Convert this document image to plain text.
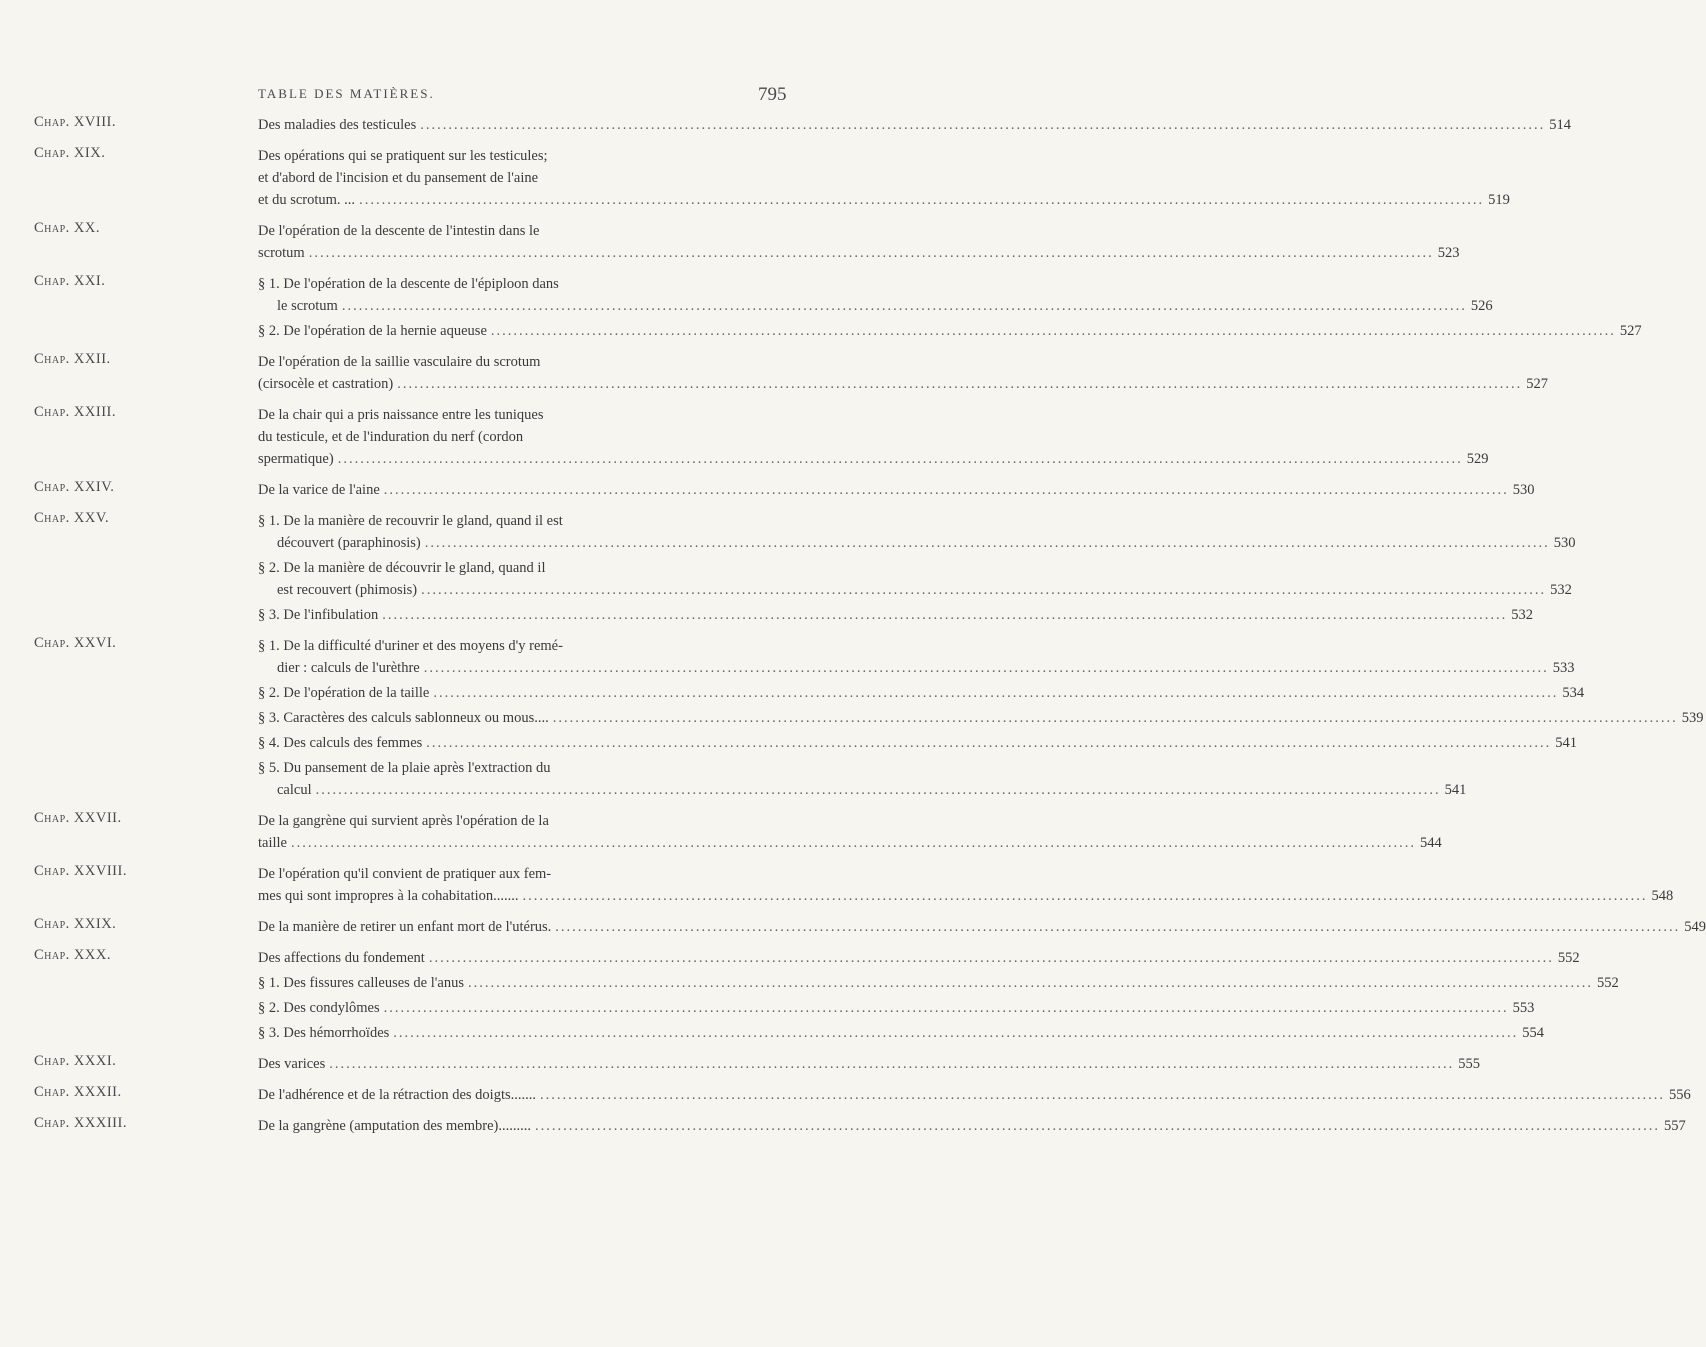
TABLE DES MATIÈRES.	795
Chap. XVIII.	Des maladies des testicules ........................................................................................................................................................................................................ 514
Chap. XIX.	Des opérations qui se pratiquent sur les testicules;
et d'abord de l'incision et du pansement de l'aine
et du scrotum. ... ........................................................................................................................................................................................................ 519
Chap. XX.	De l'opération de la descente de l'intestin dans le
scrotum ........................................................................................................................................................................................................ 523
Chap. XXI.	§ 1. De l'opération de la descente de l'épiploon dans
le scrotum ........................................................................................................................................................................................................ 526
§ 2. De l'opération de la hernie aqueuse ........................................................................................................................................................................................................ 527
Chap. XXII.	De l'opération de la saillie vasculaire du scrotum
(cirsocèle et castration) ........................................................................................................................................................................................................ 527
Chap. XXIII.	De la chair qui a pris naissance entre les tuniques
du testicule, et de l'induration du nerf (cordon
spermatique) ........................................................................................................................................................................................................ 529
Chap. XXIV.	De la varice de l'aine ........................................................................................................................................................................................................ 530
Chap. XXV.	§ 1. De la manière de recouvrir le gland, quand il est
découvert (paraphinosis) ........................................................................................................................................................................................................ 530
§ 2. De la manière de découvrir le gland, quand il
est recouvert (phimosis) ........................................................................................................................................................................................................ 532
§ 3. De l'infibulation ........................................................................................................................................................................................................ 532
Chap. XXVI.	§ 1. De la difficulté d'uriner et des moyens d'y remé-
dier : calculs de l'urèthre ........................................................................................................................................................................................................ 533
§ 2. De l'opération de la taille ........................................................................................................................................................................................................ 534
§ 3. Caractères des calculs sablonneux ou mous.... ........................................................................................................................................................................................................ 539
§ 4. Des calculs des femmes ........................................................................................................................................................................................................ 541
§ 5. Du pansement de la plaie après l'extraction du
calcul ........................................................................................................................................................................................................ 541
Chap. XXVII.	De la gangrène qui survient après l'opération de la
taille ........................................................................................................................................................................................................ 544
Chap. XXVIII.	De l'opération qu'il convient de pratiquer aux fem-
mes qui sont impropres à la cohabitation....... ........................................................................................................................................................................................................ 548
Chap. XXIX.	De la manière de retirer un enfant mort de l'utérus. ........................................................................................................................................................................................................ 549
Chap. XXX.	Des affections du fondement ........................................................................................................................................................................................................ 552
§ 1. Des fissures calleuses de l'anus ........................................................................................................................................................................................................ 552
§ 2. Des condylômes ........................................................................................................................................................................................................ 553
§ 3. Des hémorrhoïdes ........................................................................................................................................................................................................ 554
Chap. XXXI.	Des varices ........................................................................................................................................................................................................ 555
Chap. XXXII.	De l'adhérence et de la rétraction des doigts....... ........................................................................................................................................................................................................ 556
Chap. XXXIII.	De la gangrène (amputation des membre)......... ........................................................................................................................................................................................................ 557
